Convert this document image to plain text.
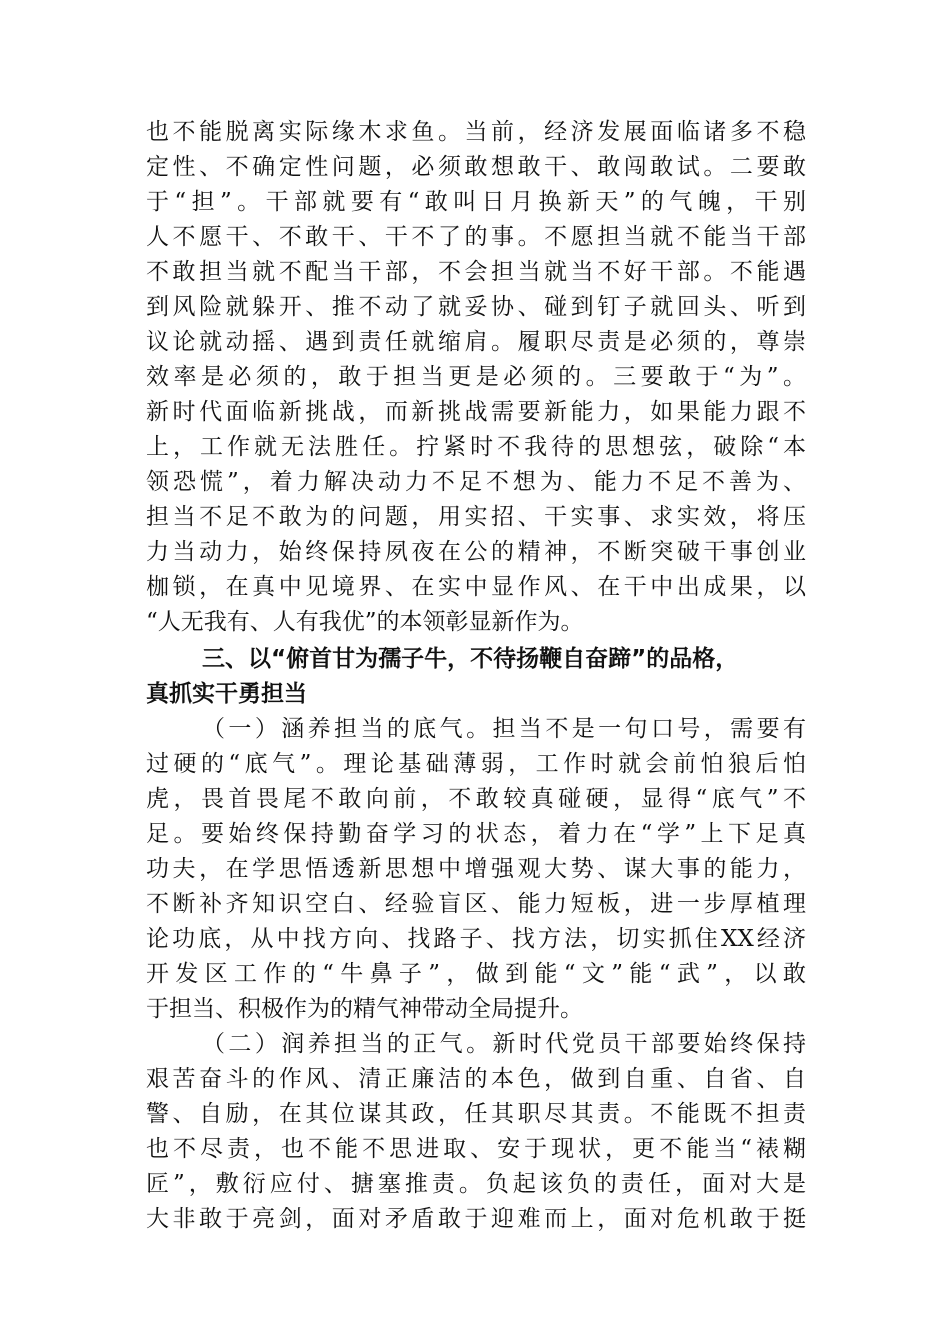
也不能脱离实际缘木求鱼。当前，经济发展面临诸多不稳
定性、不确定性问题，必须敢想敢干、敢闯敢试。二要敢
于“担”。干部就要有“敢叫日月换新天”的气魄，干别
人不愿干、不敢干、干不了的事。不愿担当就不能当干部
不敢担当就不配当干部，不会担当就当不好干部。不能遇
到风险就躲开、推不动了就妥协、碰到钉子就回头、听到
议论就动摇、遇到责任就缩肩。履职尽责是必须的，尊崇
效率是必须的，敢于担当更是必须的。三要敢于“为”。
新时代面临新挑战，而新挑战需要新能力，如果能力跟不
上，工作就无法胜任。拧紧时不我待的思想弦，破除“本
领恐慌”，着力解决动力不足不想为、能力不足不善为、
担当不足不敢为的问题，用实招、干实事、求实效，将压
力当动力，始终保持夙夜在公的精神，不断突破干事创业
枷锁，在真中见境界、在实中显作风、在干中出成果，以
“人无我有、人有我优”的本领彰显新作为。
三、以“俯首甘为孺子牛，不待扬鞭自奋蹄”的品格，
真抓实干勇担当
（一）涵养担当的底气。担当不是一句口号，需要有
过硬的“底气”。理论基础薄弱，工作时就会前怕狼后怕
虎，畏首畏尾不敢向前，不敢较真碰硬，显得“底气”不
足。要始终保持勤奋学习的状态，着力在“学”上下足真
功夫，在学思悟透新思想中增强观大势、谋大事的能力，
不断补齐知识空白、经验盲区、能力短板，进一步厚植理
论功底，从中找方向、找路子、找方法，切实抓住XX经济
开发区工作的“牛鼻子”，做到能“文”能“武”，以敢
于担当、积极作为的精气神带动全局提升。
（二）润养担当的正气。新时代党员干部要始终保持
艰苦奋斗的作风、清正廉洁的本色，做到自重、自省、自
警、自励，在其位谋其政，任其职尽其责。不能既不担责
也不尽责，也不能不思进取、安于现状，更不能当“裱糊
匠”，敷衍应付、搪塞推责。负起该负的责任，面对大是
大非敢于亮剑，面对矛盾敢于迎难而上，面对危机敢于挺
